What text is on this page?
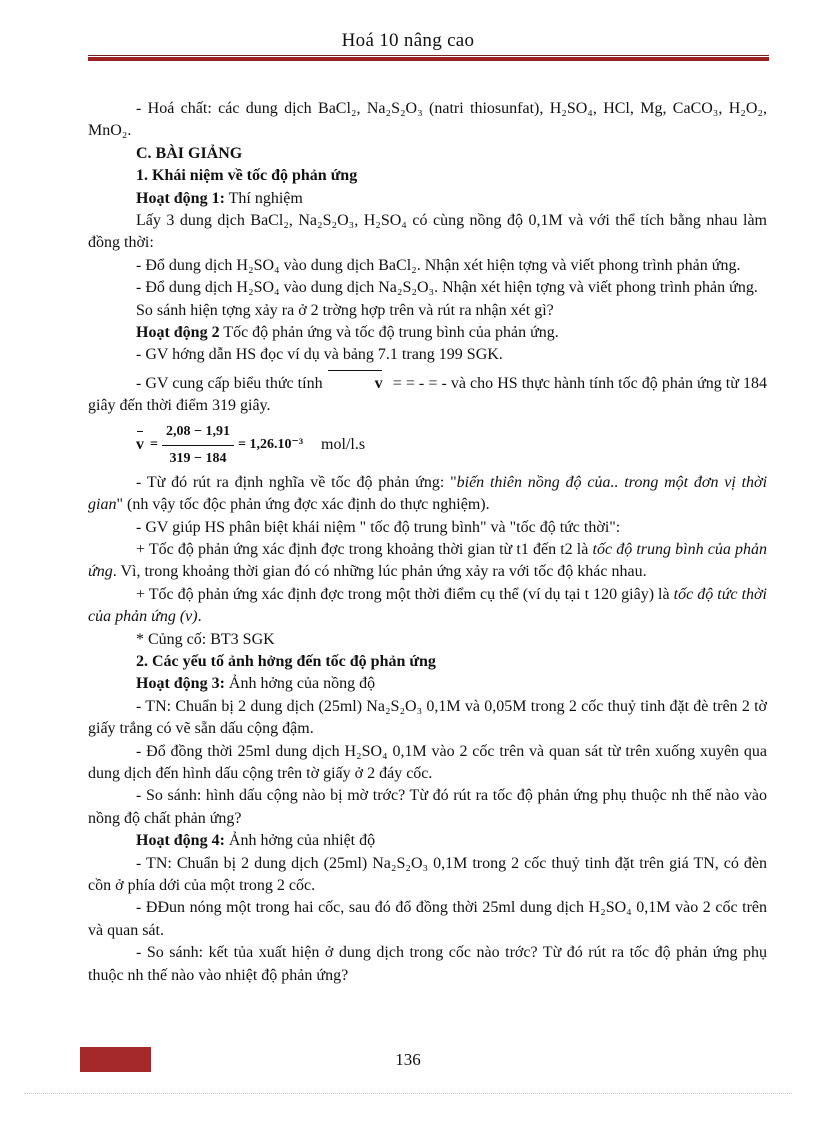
Hoá 10 nâng cao

- Hoá chất: các dung dịch BaCl₂, Na₂S₂O₃ (natri thiosunfat), H₂SO₄, HCl, Mg, CaCO₃, H₂O₂, MnO₂.

C. BÀI GIẢNG

1. Khái niệm về tốc độ phản ứng

Hoạt động 1: Thí nghiệm

Lấy 3 dung dịch BaCl₂, Na₂S₂O₃, H₂SO₄ có cùng nồng độ 0,1M và với thể tích bằng nhau làm đồng thời:

- Đổ dung dịch H₂SO₄ vào dung dịch BaCl₂. Nhận xét hiện tợng và viết phong trình phản ứng.

- Đổ dung dịch H₂SO₄ vào dung dịch Na₂S₂O₃. Nhận xét hiện tợng và viết phong trình phản ứng.

So sánh hiện tợng xảy ra ở 2 trờng hợp trên và rút ra nhận xét gì?

Hoạt động 2 Tốc độ phản ứng và tốc độ trung bình của phản ứng.

- GV hớng dẫn HS đọc ví dụ và bảng 7.1 trang 199 SGK.

- GV cung cấp biểu thức tính	v = = - = - và cho HS thực hành tính tốc độ phản ứng từ 184 giây đến thời điểm 319 giây.

$v = \frac{2,08 - 1,91}{319 - 184} = 1,26.10^{-3}$ mol/l.s

- Từ đó rút ra định nghĩa về tốc độ phản ứng: "biến thiên nồng độ của.. trong một đơn vị thời gian" (nh vậy tốc độc phản ứng đợc xác định do thực nghiệm).

- GV giúp HS phân biệt khái niệm " tốc độ trung bình" và "tốc độ tức thời":

+ Tốc độ phản ứng xác định đợc trong khoảng thời gian từ t1 đến t2 là tốc độ trung bình của phản ứng. Vì, trong khoảng thời gian đó có những lúc phản ứng xảy ra với tốc độ khác nhau.

+ Tốc độ phản ứng xác định đợc trong một thời điểm cụ thể (ví dụ tại t 120 giây) là tốc độ tức thời của phản ứng (v).

* Củng cố: BT3 SGK

2. Các yếu tố ảnh hởng đến tốc độ phản ứng

Hoạt động 3: Ảnh hởng của nồng độ

- TN: Chuẩn bị 2 dung dịch (25ml) Na₂S₂O₃ 0,1M và 0,05M trong 2 cốc thuỷ tinh đặt đè trên 2 tờ giấy trắng có vẽ sẵn dấu cộng đậm.

- Đổ đồng thời 25ml dung dịch H₂SO₄ 0,1M vào 2 cốc trên và quan sát từ trên xuống xuyên qua dung dịch đến hình dấu cộng trên tờ giấy ở 2 đáy cốc.

- So sánh: hình dấu cộng nào bị mờ trớc? Từ đó rút ra tốc độ phản ứng phụ thuộc nh thế nào vào nồng độ chất phản ứng?

Hoạt động 4: Ảnh hởng của nhiệt độ

- TN: Chuẩn bị 2 dung dịch (25ml) Na₂S₂O₃ 0,1M trong 2 cốc thuỷ tinh đặt trên giá TN, có đèn cồn ở phía dới của một trong 2 cốc.

- ĐĐun nóng một trong hai cốc, sau đó đổ đồng thời 25ml dung dịch H₂SO₄ 0,1M vào 2 cốc trên và quan sát.

- So sánh: kết tủa xuất hiện ở dung dịch trong cốc nào trớc? Từ đó rút ra tốc độ phản ứng phụ thuộc nh thế nào vào nhiệt độ phản ứng?

136
